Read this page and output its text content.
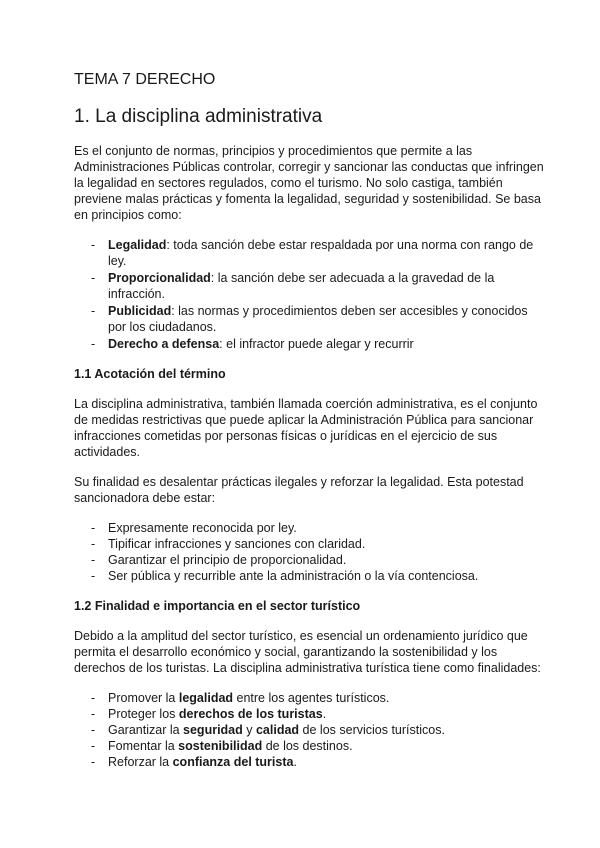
TEMA 7 DERECHO
1. La disciplina administrativa

Es el conjunto de normas, principios y procedimientos que permite a las Administraciones Públicas controlar, corregir y sancionar las conductas que infringen la legalidad en sectores regulados, como el turismo. No solo castiga, también previene malas prácticas y fomenta la legalidad, seguridad y sostenibilidad. Se basa en principios como:

- Legalidad: toda sanción debe estar respaldada por una norma con rango de ley.
- Proporcionalidad: la sanción debe ser adecuada a la gravedad de la infracción.
- Publicidad: las normas y procedimientos deben ser accesibles y conocidos por los ciudadanos.
- Derecho a defensa: el infractor puede alegar y recurrir
1.1 Acotación del término

La disciplina administrativa, también llamada coerción administrativa, es el conjunto de medidas restrictivas que puede aplicar la Administración Pública para sancionar infracciones cometidas por personas físicas o jurídicas en el ejercicio de sus actividades.

Su finalidad es desalentar prácticas ilegales y reforzar la legalidad. Esta potestad sancionadora debe estar:

- Expresamente reconocida por ley.
- Tipificar infracciones y sanciones con claridad.
- Garantizar el principio de proporcionalidad.
- Ser pública y recurrible ante la administración o la vía contenciosa.
1.2 Finalidad e importancia en el sector turístico

Debido a la amplitud del sector turístico, es esencial un ordenamiento jurídico que permita el desarrollo económico y social, garantizando la sostenibilidad y los derechos de los turistas. La disciplina administrativa turística tiene como finalidades:

- Promover la legalidad entre los agentes turísticos.
- Proteger los derechos de los turistas.
- Garantizar la seguridad y calidad de los servicios turísticos.
- Fomentar la sostenibilidad de los destinos.
- Reforzar la confianza del turista.
